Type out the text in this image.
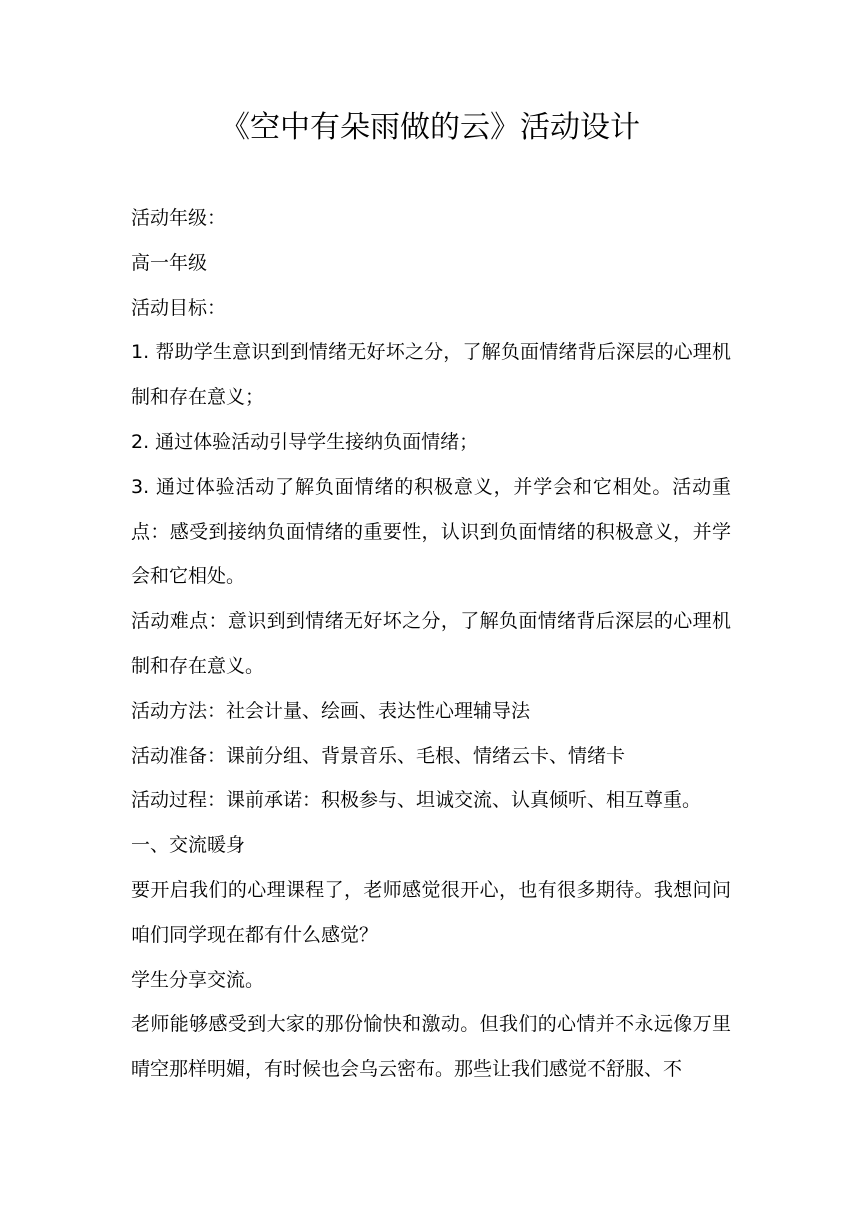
《空中有朵雨做的云》活动设计

活动年级：

高一年级

活动目标：

1. 帮助学生意识到到情绪无好坏之分，了解负面情绪背后深层的心理机制和存在意义；

2. 通过体验活动引导学生接纳负面情绪；

3. 通过体验活动了解负面情绪的积极意义，并学会和它相处。活动重点：感受到接纳负面情绪的重要性，认识到负面情绪的积极意义，并学会和它相处。

活动难点：意识到到情绪无好坏之分，了解负面情绪背后深层的心理机制和存在意义。

活动方法：社会计量、绘画、表达性心理辅导法

活动准备：课前分组、背景音乐、毛根、情绪云卡、情绪卡

活动过程：课前承诺：积极参与、坦诚交流、认真倾听、相互尊重。

一、交流暖身

要开启我们的心理课程了，老师感觉很开心，也有很多期待。我想问问咱们同学现在都有什么感觉？

学生分享交流。

老师能够感受到大家的那份愉快和激动。但我们的心情并不永远像万里晴空那样明媚，有时候也会乌云密布。那些让我们感觉不舒服、不
